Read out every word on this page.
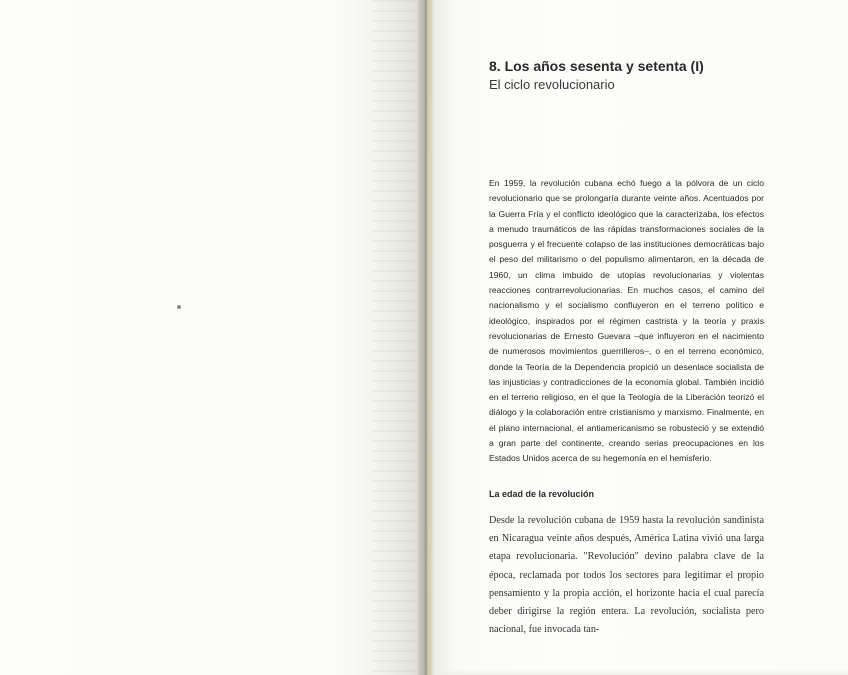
8. Los años sesenta y setenta (I)
El ciclo revolucionario

En 1959, la revolución cubana echó fuego a la pólvora de un ciclo revolucionario que se prolongaría durante veinte años. Acentuados por la Guerra Fría y el conflicto ideológico que la caracterizaba, los efectos a menudo traumáticos de las rápidas transformaciones sociales de la posguerra y el frecuente colapso de las instituciones democráticas bajo el peso del militarismo o del populismo alimentaron, en la década de 1960, un clima imbuido de utopías revolucionarias y violentas reacciones contrarrevolucionarias. En muchos casos, el camino del nacionalismo y el socialismo confluyeron en el terreno político e ideológico, inspirados por el régimen castrista y la teoría y praxis revolucionarias de Ernesto Guevara –que influyeron en el nacimiento de numerosos movimientos guerrilleros–, o en el terreno económico, donde la Teoría de la Dependencia propició un desenlace socialista de las injusticias y contradicciones de la economía global. También incidió en el terreno religioso, en el que la Teología de la Liberación teorizó el diálogo y la colaboración entre cristianismo y marxismo. Finalmente, en el plano internacional, el antiamericanismo se robusteció y se extendió a gran parte del continente, creando serias preocupaciones en los Estados Unidos acerca de su hegemonía en el hemisferio.

La edad de la revolución

Desde la revolución cubana de 1959 hasta la revolución sandinista en Nicaragua veinte años después, América Latina vivió una larga etapa revolucionaria. "Revolución" devino palabra clave de la época, reclamada por todos los sectores para legitimar el propio pensamiento y la propia acción, el horizonte hacia el cual parecía deber dirigirse la región entera. La revolución, socialista pero nacional, fue invocada tan-
